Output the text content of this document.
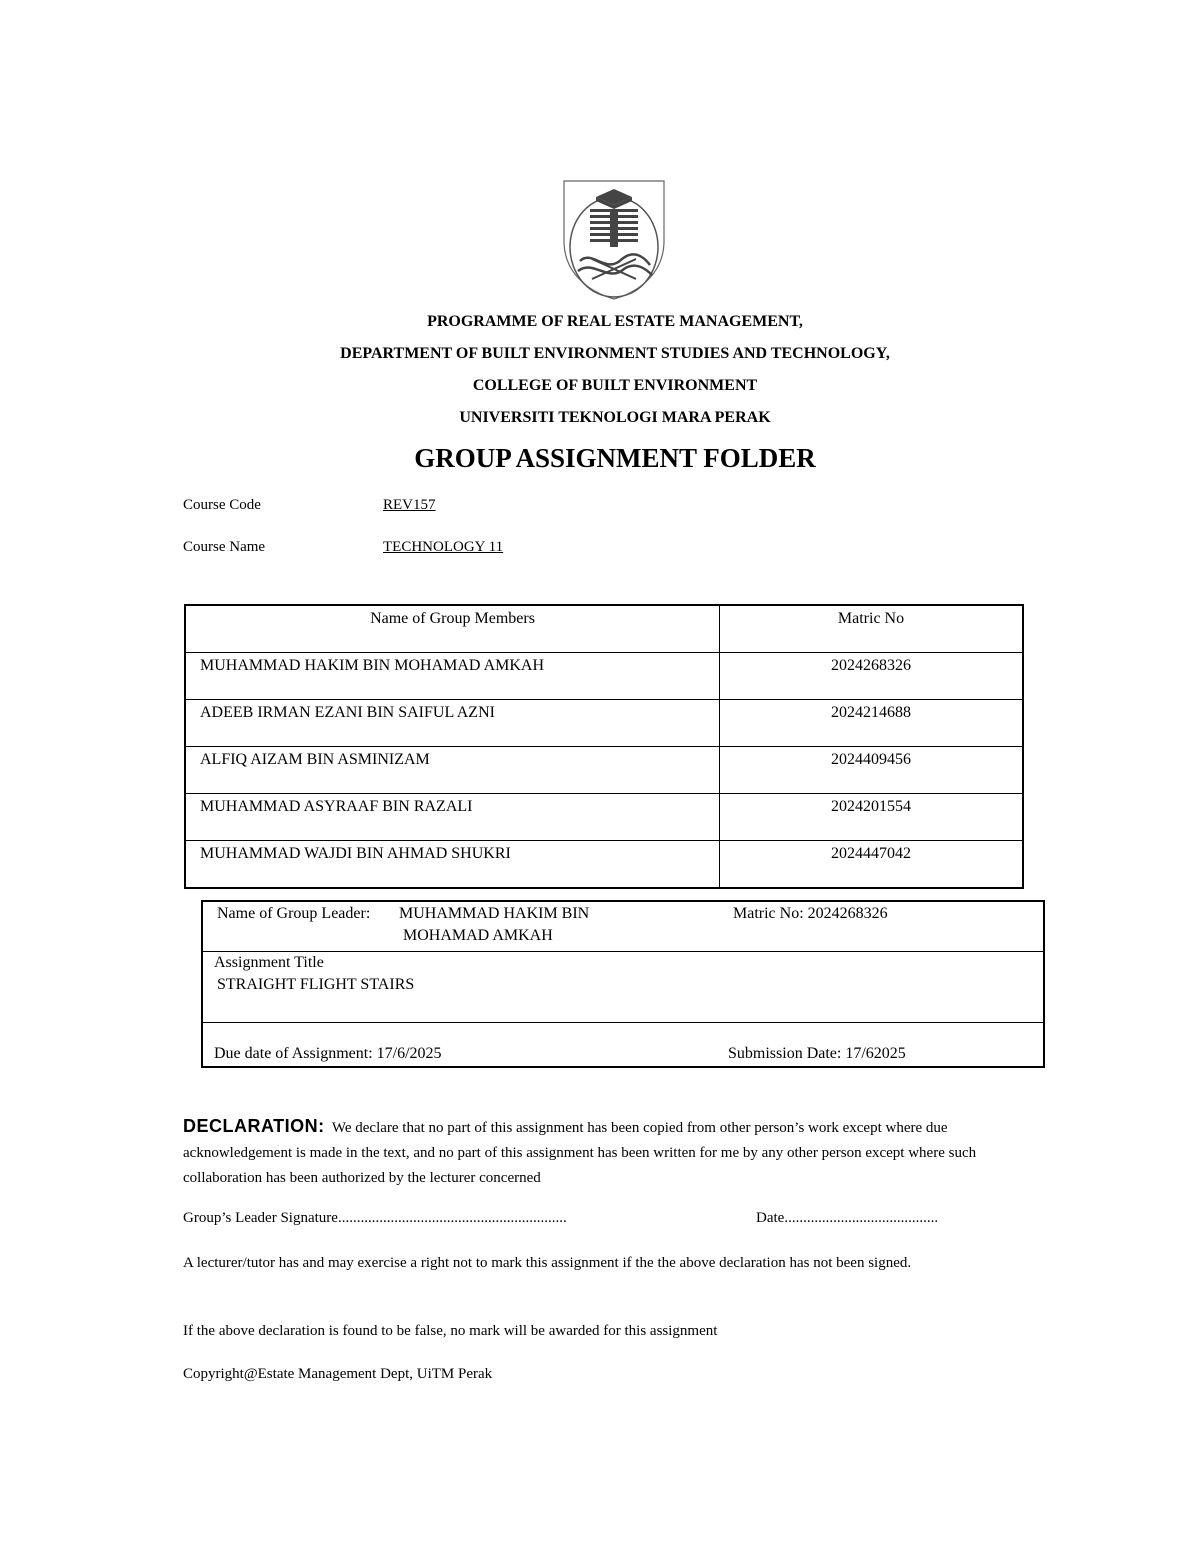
PROGRAMME OF REAL ESTATE MANAGEMENT,
DEPARTMENT OF BUILT ENVIRONMENT STUDIES AND TECHNOLOGY,
COLLEGE OF BUILT ENVIRONMENT
UNIVERSITI TEKNOLOGI MARA PERAK
GROUP ASSIGNMENT FOLDER
Course Code	REV157
Course Name	TECHNOLOGY 11
Name of Group Members	Matric No
MUHAMMAD HAKIM BIN MOHAMAD AMKAH	2024268326
ADEEB IRMAN EZANI BIN SAIFUL AZNI	2024214688
ALFIQ AIZAM BIN ASMINIZAM	2024409456
MUHAMMAD ASYRAAF BIN RAZALI	2024201554
MUHAMMAD WAJDI BIN AHMAD SHUKRI	2024447042
Name of Group Leader: MUHAMMAD HAKIM BIN
MOHAMAD AMKAH
Matric No: 2024268326
Assignment Title
STRAIGHT FLIGHT STAIRS
Due date of Assignment: 17/6/2025	Submission Date: 17/62025
DECLARATION: We declare that no part of this assignment has been copied from other person’s work except where due acknowledgement is made in the text, and no part of this assignment has been written for me by any other person except where such collaboration has been authorized by the lecturer concerned
Group’s Leader Signature.............................................................	Date.........................................
A lecturer/tutor has and may exercise a right not to mark this assignment if the the above declaration has not been signed.
If the above declaration is found to be false, no mark will be awarded for this assignment
Copyright@Estate Management Dept, UiTM Perak
